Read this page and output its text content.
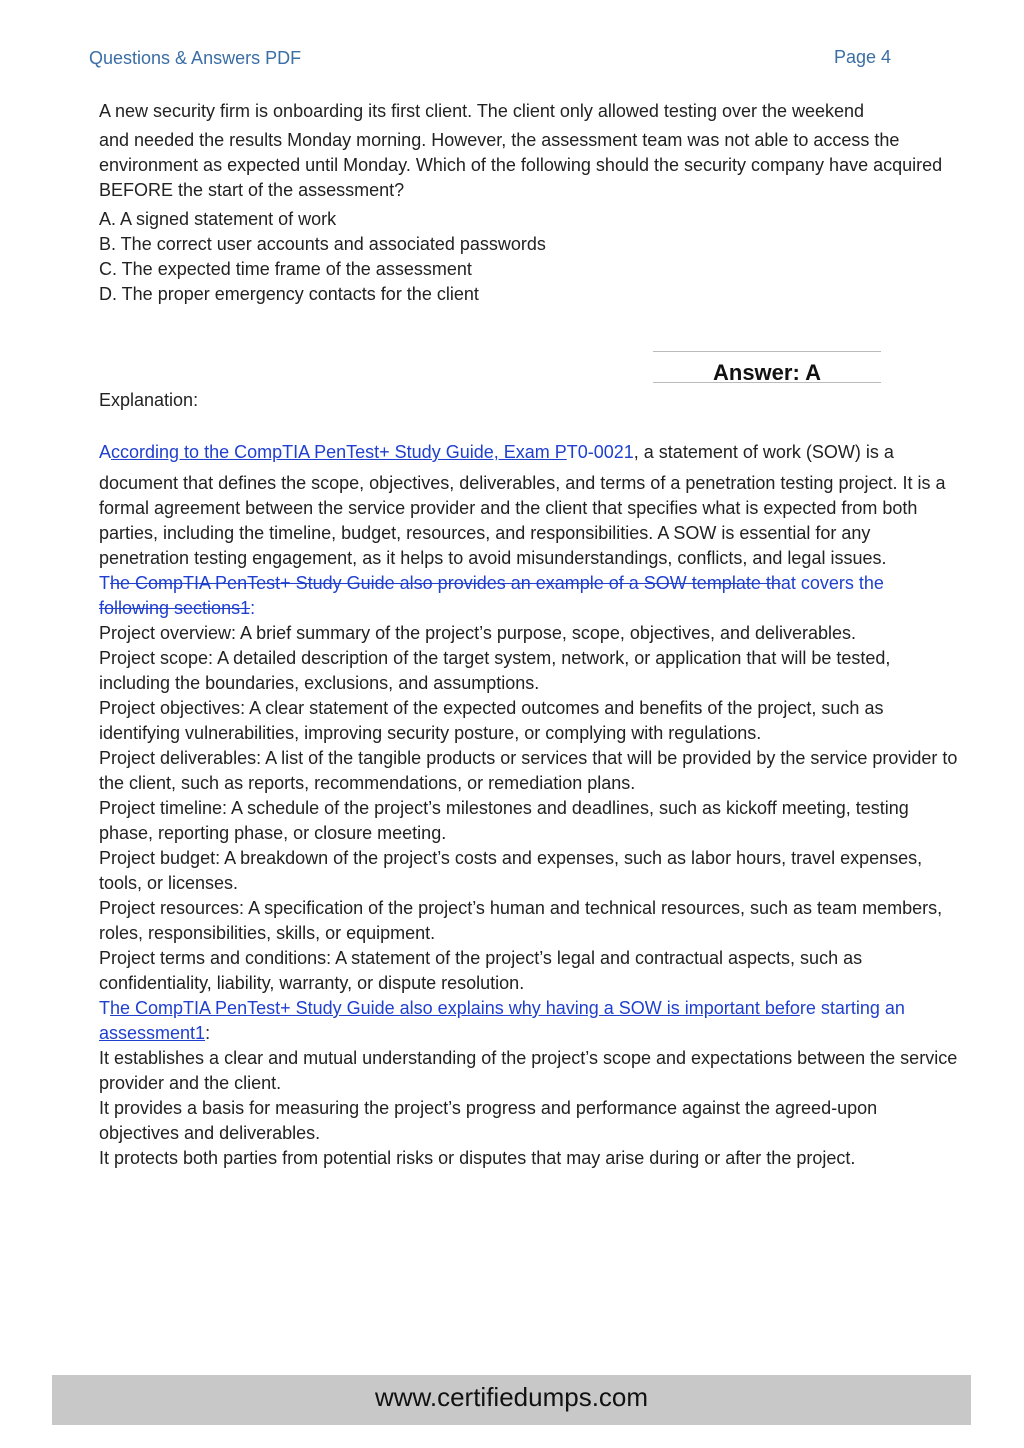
Questions & Answers PDF	Page 4

A new security firm is onboarding its first client. The client only allowed testing over the weekend

and needed the results Monday morning. However, the assessment team was not able to access the environment as expected until Monday. Which of the following should the security company have acquired BEFORE the start of the assessment?

A. A signed statement of work

B. The correct user accounts and associated passwords

C. The expected time frame of the assessment

D. The proper emergency contacts for the client

Answer: A
Explanation:

According to the CompTIA PenTest+ Study Guide, Exam PT0-0021, a statement of work (SOW) is a

document that defines the scope, objectives, deliverables, and terms of a penetration testing project. It is a formal agreement between the service provider and the client that specifies what is expected from both parties, including the timeline, budget, resources, and responsibilities. A SOW is essential for any penetration testing engagement, as it helps to avoid misunderstandings, conflicts, and legal issues.

The CompTIA PenTest+ Study Guide also provides an example of a SOW template that covers the
following sections1:

Project overview: A brief summary of the project’s purpose, scope, objectives, and deliverables.

Project scope: A detailed description of the target system, network, or application that will be tested, including the boundaries, exclusions, and assumptions.

Project objectives: A clear statement of the expected outcomes and benefits of the project, such as identifying vulnerabilities, improving security posture, or complying with regulations.

Project deliverables: A list of the tangible products or services that will be provided by the service provider to the client, such as reports, recommendations, or remediation plans.

Project timeline: A schedule of the project’s milestones and deadlines, such as kickoff meeting, testing phase, reporting phase, or closure meeting.

Project budget: A breakdown of the project’s costs and expenses, such as labor hours, travel expenses, tools, or licenses.

Project resources: A specification of the project’s human and technical resources, such as team members, roles, responsibilities, skills, or equipment.

Project terms and conditions: A statement of the project’s legal and contractual aspects, such as confidentiality, liability, warranty, or dispute resolution.

The CompTIA PenTest+ Study Guide also explains why having a SOW is important before starting an
assessment1:

It establishes a clear and mutual understanding of the project’s scope and expectations between the service provider and the client.

It provides a basis for measuring the project’s progress and performance against the agreed-upon objectives and deliverables.

It protects both parties from potential risks or disputes that may arise during or after the project.

www.certifiedumps.com
